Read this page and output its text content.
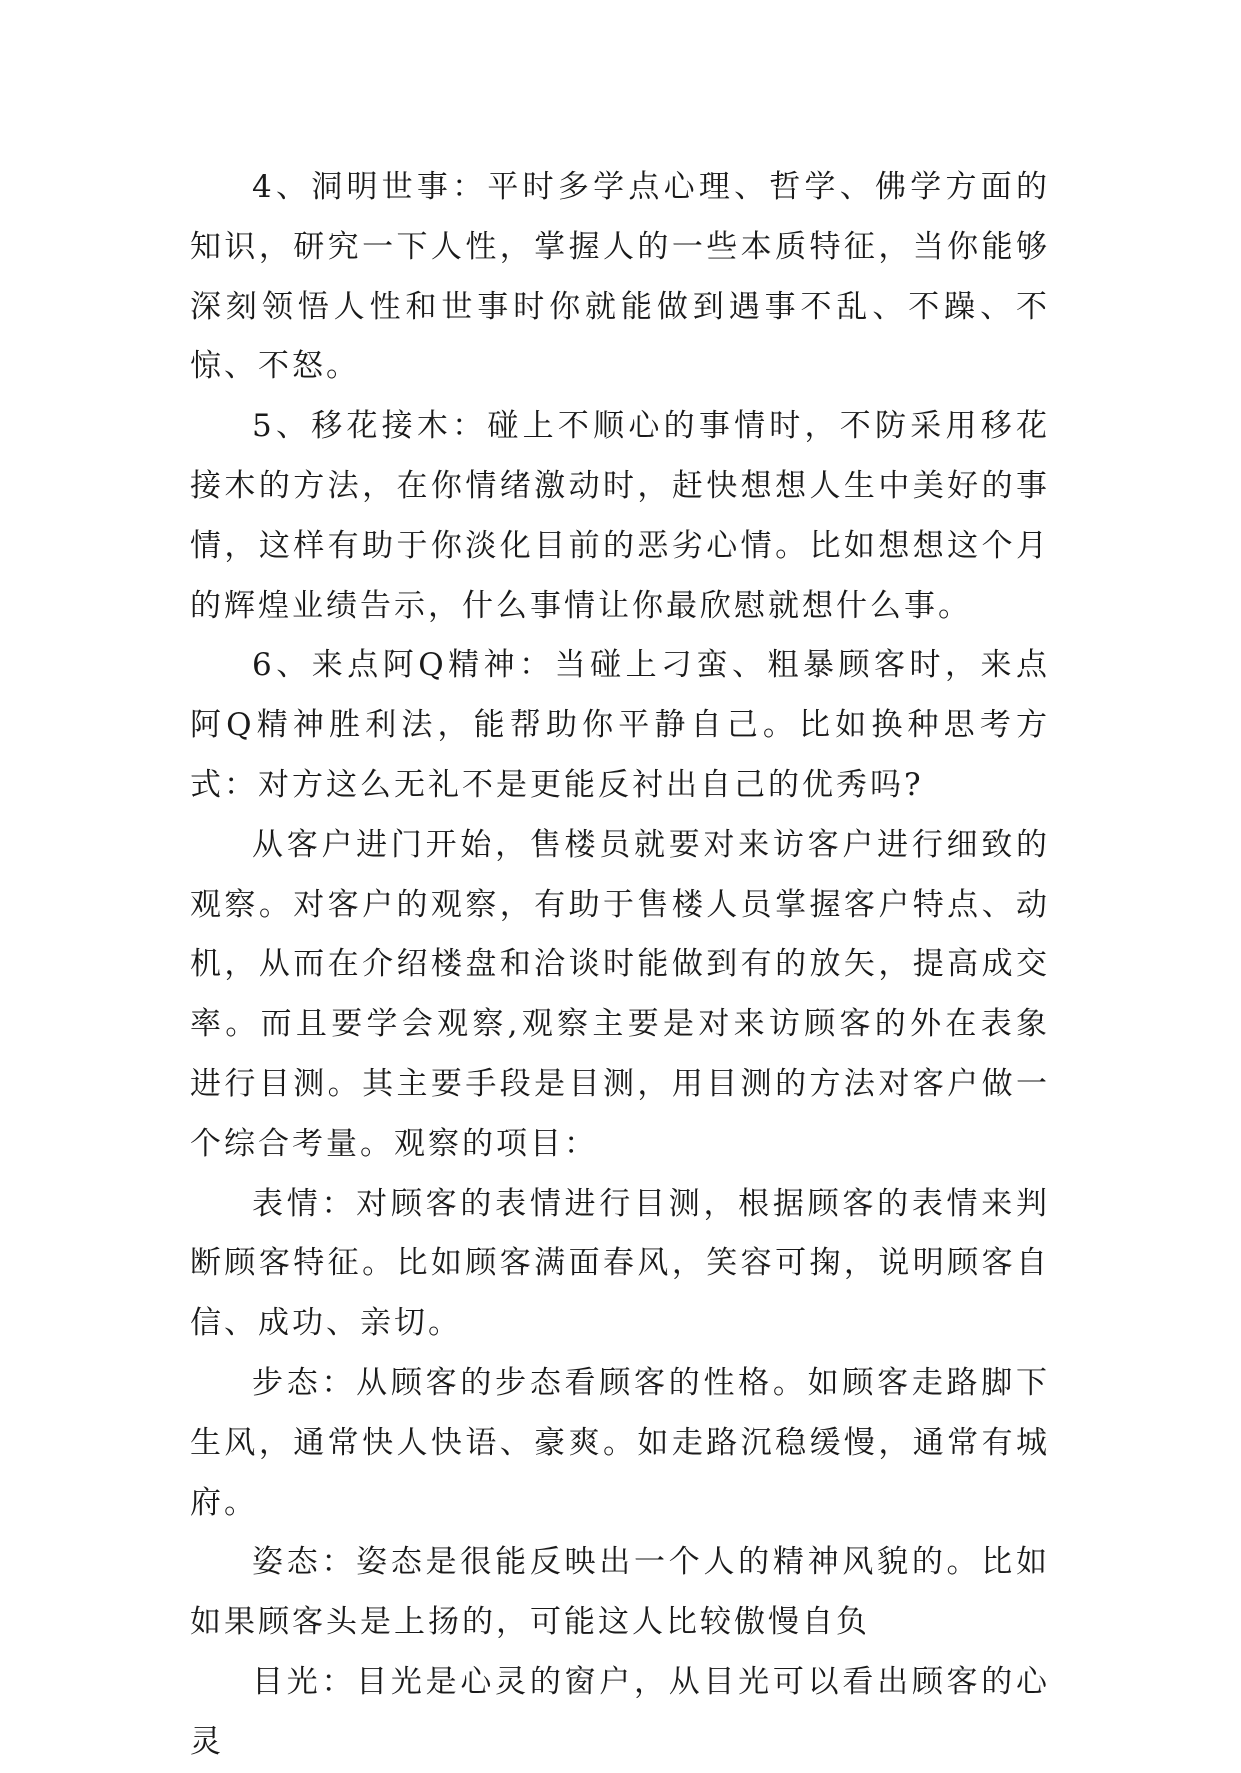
4、洞明世事：平时多学点心理、哲学、佛学方面的知识，研究一下人性，掌握人的一些本质特征，当你能够深刻领悟人性和世事时你就能做到遇事不乱、不躁、不惊、不怒。

5、移花接木：碰上不顺心的事情时，不防采用移花接木的方法，在你情绪激动时，赶快想想人生中美好的事情，这样有助于你淡化目前的恶劣心情。比如想想这个月的辉煌业绩告示，什么事情让你最欣慰就想什么事。

6、来点阿Q精神：当碰上刁蛮、粗暴顾客时，来点阿Q精神胜利法，能帮助你平静自己。比如换种思考方式：对方这么无礼不是更能反衬出自己的优秀吗?

从客户进门开始，售楼员就要对来访客户进行细致的观察。对客户的观察，有助于售楼人员掌握客户特点、动机，从而在介绍楼盘和洽谈时能做到有的放矢，提高成交率。而且要学会观察,观察主要是对来访顾客的外在表象进行目测。其主要手段是目测，用目测的方法对客户做一个综合考量。观察的项目：

表情：对顾客的表情进行目测，根据顾客的表情来判断顾客特征。比如顾客满面春风，笑容可掬，说明顾客自信、成功、亲切。

步态：从顾客的步态看顾客的性格。如顾客走路脚下生风，通常快人快语、豪爽。如走路沉稳缓慢，通常有城府。

姿态：姿态是很能反映出一个人的精神风貌的。比如如果顾客头是上扬的，可能这人比较傲慢自负

目光：目光是心灵的窗户，从目光可以看出顾客的心灵
